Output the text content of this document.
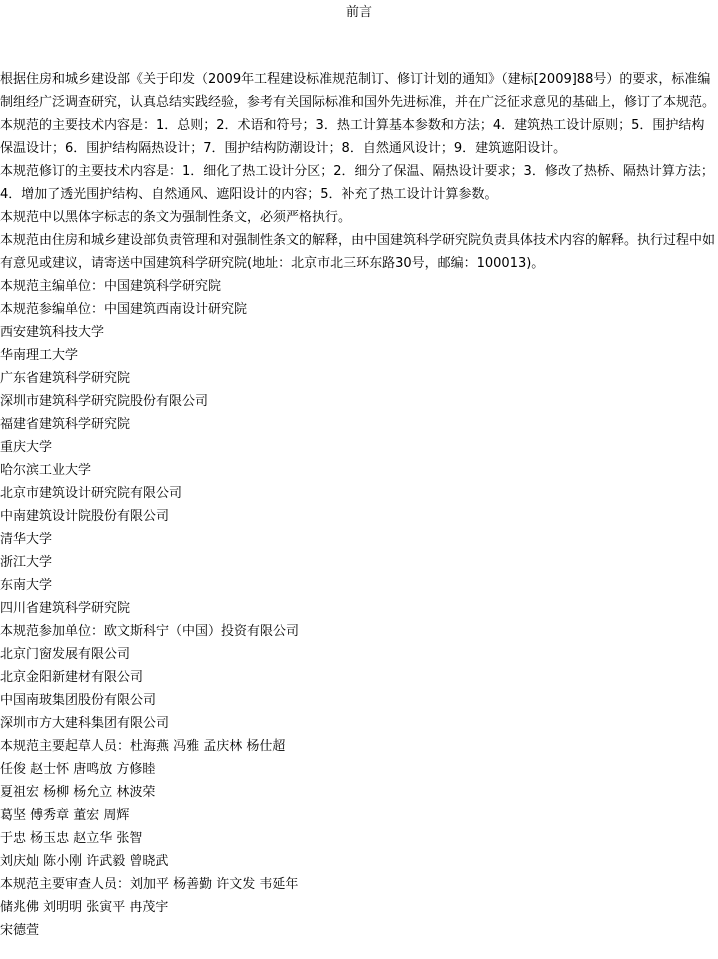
前言

根据住房和城乡建设部《关于印发（2009年工程建设标准规范制订、修订计划的通知》（建标[2009]88号）的要求，标准编制组经广泛调查研究，认真总结实践经验，参考有关国际标准和国外先进标准，并在广泛征求意见的基础上，修订了本规范。

本规范的主要技术内容是：1．总则；2．术语和符号；3．热工计算基本参数和方法；4．建筑热工设计原则；5．围护结构保温设计；6．围护结构隔热设计；7．围护结构防潮设计；8．自然通风设计；9．建筑遮阳设计。

本规范修订的主要技术内容是：1．细化了热工设计分区；2．细分了保温、隔热设计要求；3．修改了热桥、隔热计算方法；4．增加了透光围护结构、自然通风、遮阳设计的内容；5．补充了热工设计计算参数。

本规范中以黑体字标志的条文为强制性条文，必须严格执行。

本规范由住房和城乡建设部负责管理和对强制性条文的解释，由中国建筑科学研究院负责具体技术内容的解释。执行过程中如有意见或建议，请寄送中国建筑科学研究院(地址：北京市北三环东路30号，邮编：100013)。

本规范主编单位：中国建筑科学研究院
本规范参编单位：中国建筑西南设计研究院
西安建筑科技大学
华南理工大学
广东省建筑科学研究院
深圳市建筑科学研究院股份有限公司
福建省建筑科学研究院
重庆大学
哈尔滨工业大学
北京市建筑设计研究院有限公司
中南建筑设计院股份有限公司
清华大学
浙江大学
东南大学
四川省建筑科学研究院
本规范参加单位：欧文斯科宁（中国）投资有限公司
北京门窗发展有限公司
北京金阳新建材有限公司
中国南玻集团股份有限公司
深圳市方大建科集团有限公司
本规范主要起草人员：杜海燕 冯雅 孟庆林 杨仕超
任俊 赵士怀 唐鸣放 方修睦
夏祖宏 杨柳 杨允立 林波荣
葛坚 傅秀章 董宏 周辉
于忠 杨玉忠 赵立华 张智
刘庆灿 陈小刚 许武毅 曾晓武
本规范主要审查人员：刘加平 杨善勤 许文发 韦延年
储兆佛 刘明明 张寅平 冉茂宇
宋德萱
